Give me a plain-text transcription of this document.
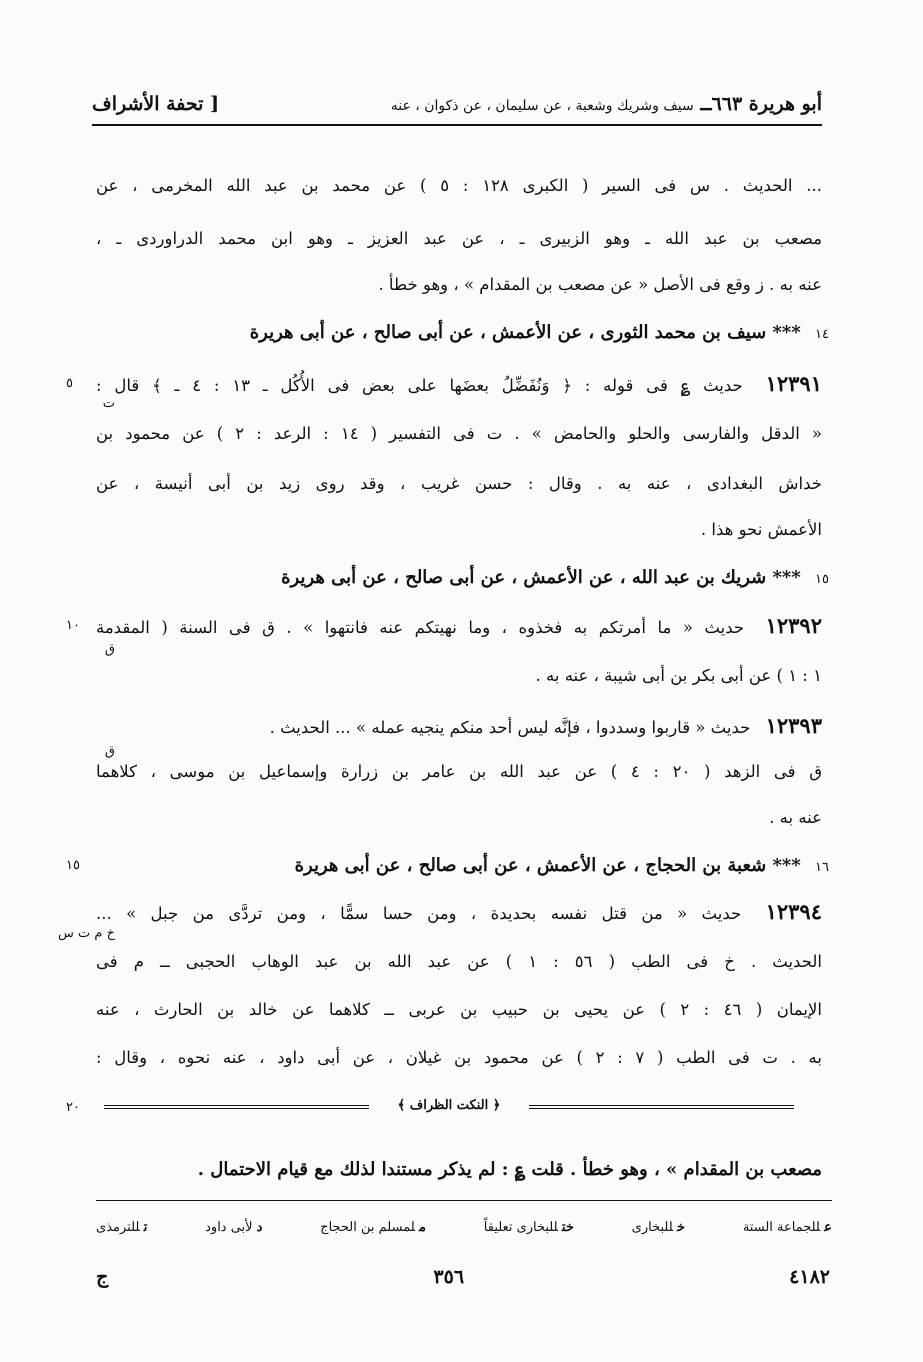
أبو هريرة ٦٦٣ــ سيف وشريك وشعبة ، عن سليمان ، عن ذكوان ، عنه
[ تحفة الأشراف
... الحديث . س فى السير ( الكبرى ١٢٨ : ٥ ) عن محمد بن عبد الله المخرمى ، عن
مصعب بن عبد الله ـ وهو الزبيرى ـ ، عن عبد العزيز ـ وهو ابن محمد الدراوردى ـ ،
عنه به . ز وقع فى الأصل « عن مصعب بن المقدام » ، وهو خطأ .
١٤ *** سيف بن محمد الثورى ، عن الأعمش ، عن أبى صالح ، عن أبى هريرة
١٢٣٩١ حديث ؏ فى قوله : ﴿ وَنُفَضِّلُ بعضَها على بعض فى الأُكُل ـ ١٣ : ٤ ـ ﴾ قال :
ت
٥
« الدقل والفارسى والحلو والحامض » . ت فى التفسير ( ١٤ : الرعد : ٢ ) عن محمود بن
خداش البغدادى ، عنه به . وقال : حسن غريب ، وقد روى زيد بن أبى أنيسة ، عن
الأعمش نحو هذا .
١٥ *** شريك بن عبد الله ، عن الأعمش ، عن أبى صالح ، عن أبى هريرة
١٢٣٩٢ حديث « ما أمرتكم به فخذوه ، وما نهيتكم عنه فانتهوا » . ق فى السنة ( المقدمة
١٠
ق
١ : ١ ) عن أبى بكر بن أبى شيبة ، عنه به .
١٢٣٩٣ حديث « قاربوا وسددوا ، فإنَّه ليس أحد منكم ينجيه عمله » ... الحديث .
ق
ق فى الزهد ( ٢٠ : ٤ ) عن عبد الله بن عامر بن زرارة وإسماعيل بن موسى ، كلاهما
عنه به .
١٦ *** شعبة بن الحجاج ، عن الأعمش ، عن أبى صالح ، عن أبى هريرة
١٥
١٢٣٩٤ حديث « من قتل نفسه بحديدة ، ومن حسا سمًّا ، ومن تردَّى من جبل » ...
خ م ت س
الحديث . خ فى الطب ( ٥٦ : ١ ) عن عبد الله بن عبد الوهاب الحجبى ــ م فى
الإيمان ( ٤٦ : ٢ ) عن يحيى بن حبيب بن عربى ــ كلاهما عن خالد بن الحارث ، عنه
به . ت فى الطب ( ٧ : ٢ ) عن محمود بن غيلان ، عن أبى داود ، عنه نحوه ، وقال :
﴿ النكت الظراف ﴾
٢٠
مصعب بن المقدام » ، وهو خطأ . قلت ؏ : لم يذكر مستندا لذلك مع قيام الاحتمال .
عللجماعة الستة
خللبخارى
ختللبخارى تعليقاً
ملمسلم بن الحجاج
دلأبى داود
تللترمذى
٤١٨٢
٣٥٦
ج
